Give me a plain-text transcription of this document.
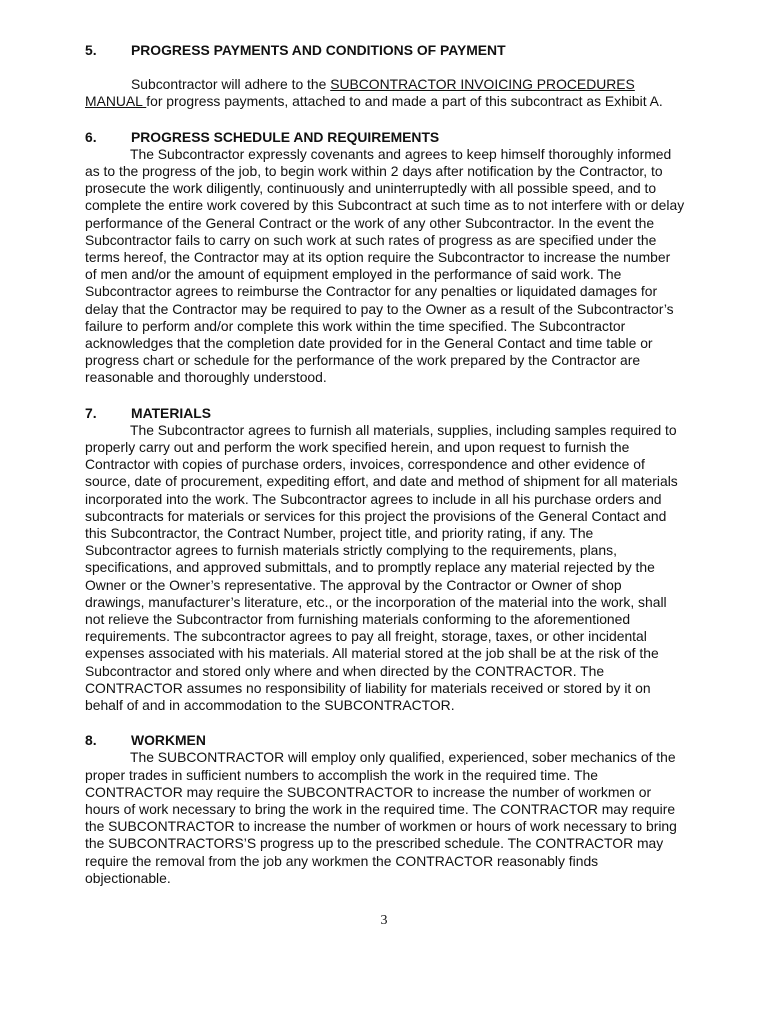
5. PROGRESS PAYMENTS AND CONDITIONS OF PAYMENT

Subcontractor will adhere to the SUBCONTRACTOR INVOICING PROCEDURES
MANUAL for progress payments, attached to and made a part of this subcontract as Exhibit A.

6. PROGRESS SCHEDULE AND REQUIREMENTS

The Subcontractor expressly covenants and agrees to keep himself thoroughly informed
as to the progress of the job, to begin work within 2 days after notification by the Contractor, to
prosecute the work diligently, continuously and uninterruptedly with all possible speed, and to
complete the entire work covered by this Subcontract at such time as to not interfere with or delay
performance of the General Contract or the work of any other Subcontractor. In the event the
Subcontractor fails to carry on such work at such rates of progress as are specified under the
terms hereof, the Contractor may at its option require the Subcontractor to increase the number
of men and/or the amount of equipment employed in the performance of said work. The
Subcontractor agrees to reimburse the Contractor for any penalties or liquidated damages for
delay that the Contractor may be required to pay to the Owner as a result of the Subcontractor’s
failure to perform and/or complete this work within the time specified. The Subcontractor
acknowledges that the completion date provided for in the General Contact and time table or
progress chart or schedule for the performance of the work prepared by the Contractor are
reasonable and thoroughly understood.

7. MATERIALS

The Subcontractor agrees to furnish all materials, supplies, including samples required to
properly carry out and perform the work specified herein, and upon request to furnish the
Contractor with copies of purchase orders, invoices, correspondence and other evidence of
source, date of procurement, expediting effort, and date and method of shipment for all materials
incorporated into the work. The Subcontractor agrees to include in all his purchase orders and
subcontracts for materials or services for this project the provisions of the General Contact and
this Subcontractor, the Contract Number, project title, and priority rating, if any. The
Subcontractor agrees to furnish materials strictly complying to the requirements, plans,
specifications, and approved submittals, and to promptly replace any material rejected by the
Owner or the Owner’s representative. The approval by the Contractor or Owner of shop
drawings, manufacturer’s literature, etc., or the incorporation of the material into the work, shall
not relieve the Subcontractor from furnishing materials conforming to the aforementioned
requirements. The subcontractor agrees to pay all freight, storage, taxes, or other incidental
expenses associated with his materials. All material stored at the job shall be at the risk of the
Subcontractor and stored only where and when directed by the CONTRACTOR. The
CONTRACTOR assumes no responsibility of liability for materials received or stored by it on
behalf of and in accommodation to the SUBCONTRACTOR.

8. WORKMEN

The SUBCONTRACTOR will employ only qualified, experienced, sober mechanics of the
proper trades in sufficient numbers to accomplish the work in the required time. The
CONTRACTOR may require the SUBCONTRACTOR to increase the number of workmen or
hours of work necessary to bring the work in the required time. The CONTRACTOR may require
the SUBCONTRACTOR to increase the number of workmen or hours of work necessary to bring
the SUBCONTRACTORS’S progress up to the prescribed schedule. The CONTRACTOR may
require the removal from the job any workmen the CONTRACTOR reasonably finds
objectionable.

3
